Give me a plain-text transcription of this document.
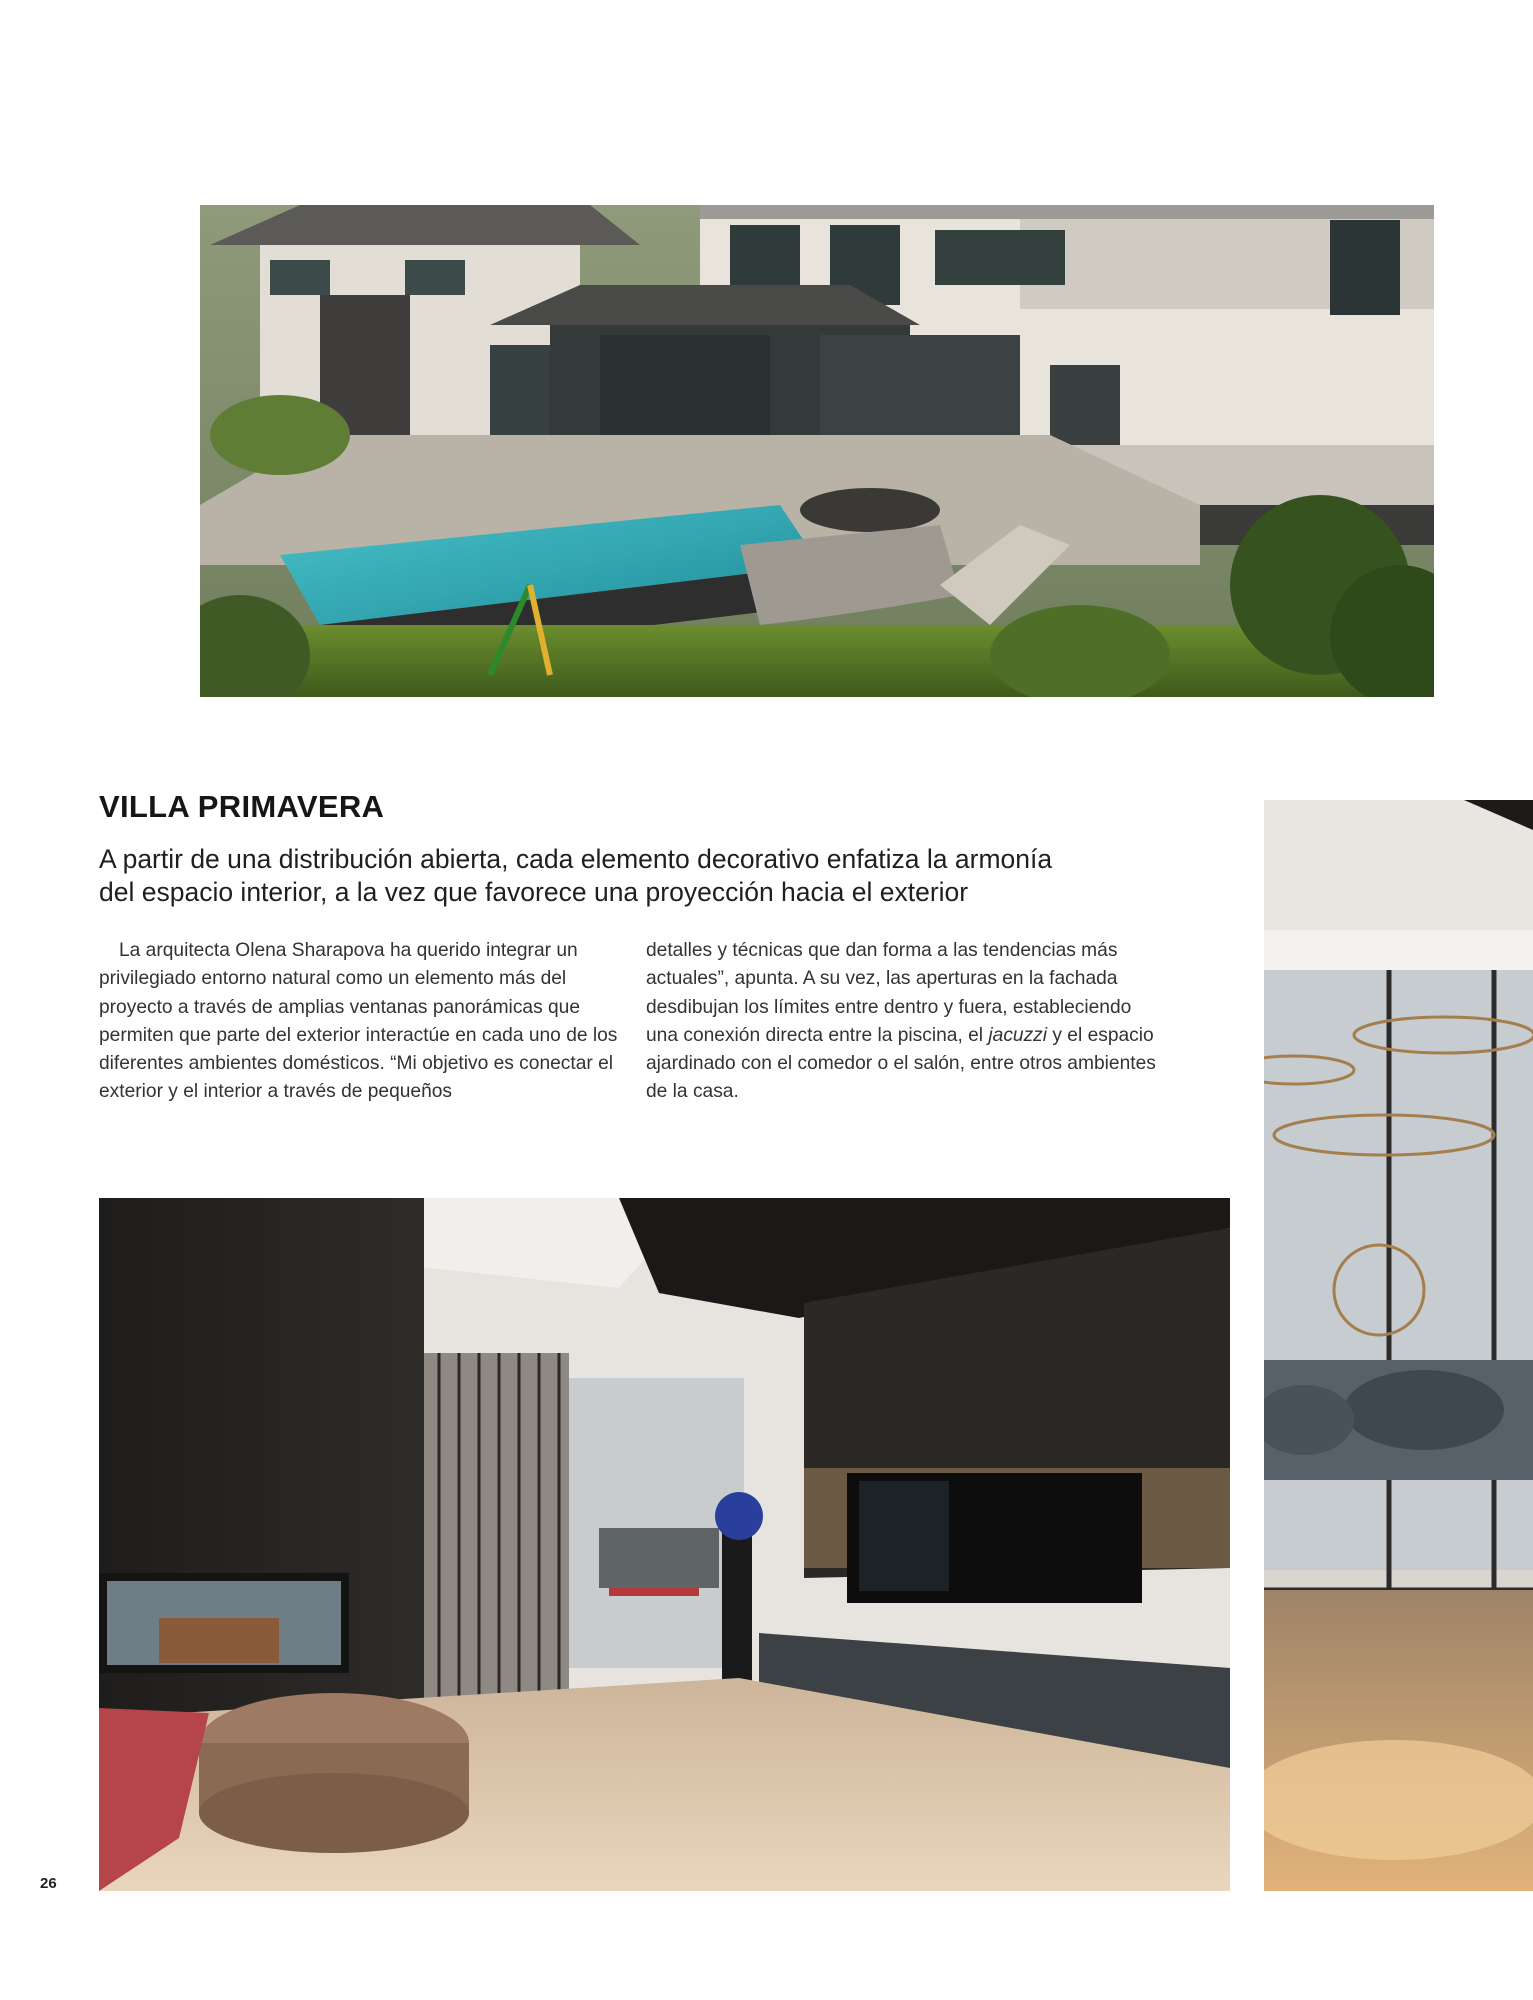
VILLA PRIMAVERA
A partir de una distribución abierta, cada elemento decorativo enfatiza la armonía
del espacio interior, a la vez que favorece una proyección hacia el exterior
La arquitecta Olena Sharapova ha querido integrar un privilegiado entorno natural como un elemento más del proyecto a través de amplias ventanas panorámicas que permiten que parte del exterior interactúe en cada uno de los diferentes ambientes domésticos. “Mi objetivo es conectar el exterior y el interior a través de pequeños
detalles y técnicas que dan forma a las tendencias más actuales”, apunta. A su vez, las aperturas en la fachada desdibujan los límites entre dentro y fuera, estableciendo una conexión directa entre la piscina, el jacuzzi y el espacio ajardinado con el comedor o el salón, entre otros ambientes de la casa.
26
